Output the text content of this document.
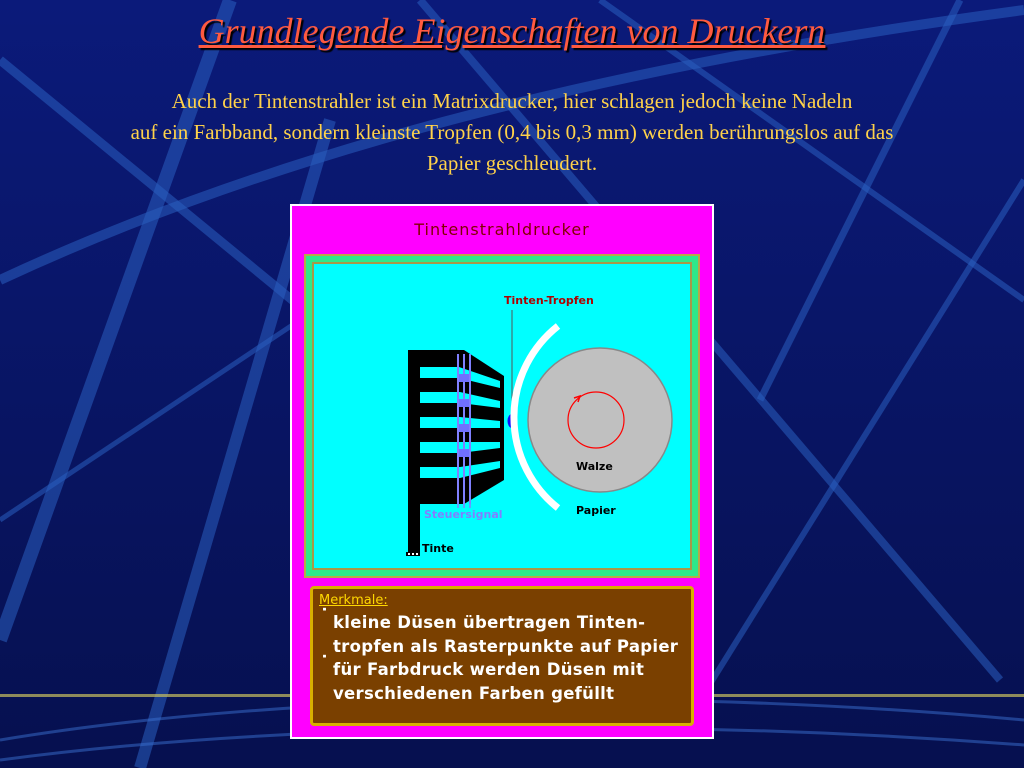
Grundlegende Eigenschaften von Druckern

Auch der Tintenstrahler ist ein Matrixdrucker, hier schlagen jedoch keine Nadeln
auf ein Farbband, sondern kleinste Tropfen (0,4 bis 0,3 mm) werden berührungslos auf das
Papier geschleudert.

Tintenstrahldrucker
Tinten-Tropfen
Walze
Papier
Steuersignal
Tinte
Merkmale:
˙ kleine Düsen übertragen Tinten-tropfen als Rasterpunkte auf Papier
˙ für Farbdruck werden Düsen mit verschiedenen Farben gefüllt
